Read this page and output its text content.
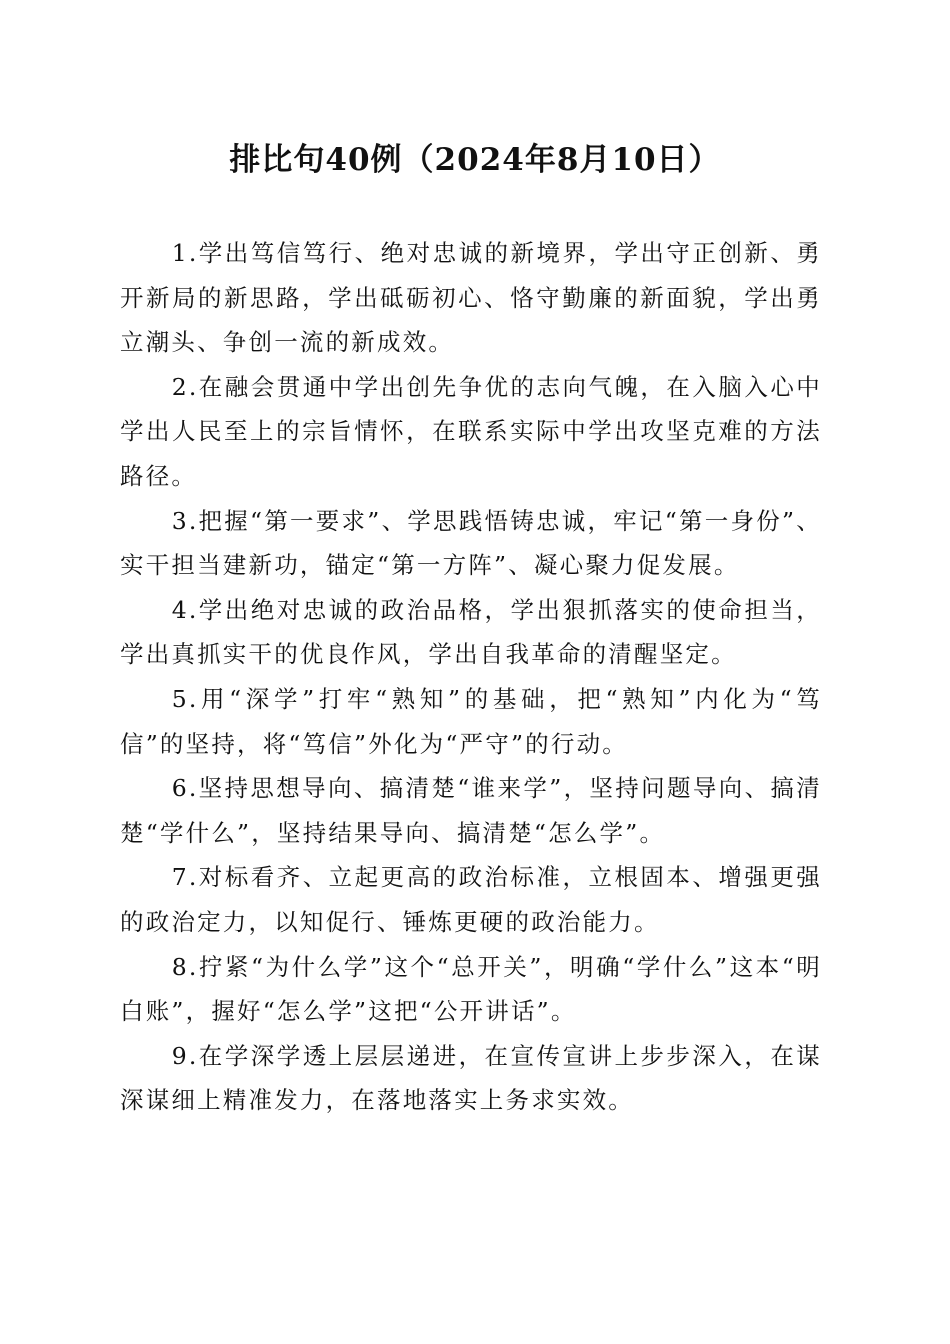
排比句40例（2024年8月10日）

1.学出笃信笃行、绝对忠诚的新境界，学出守正创新、勇开新局的新思路，学出砥砺初心、恪守勤廉的新面貌，学出勇立潮头、争创一流的新成效。

2.在融会贯通中学出创先争优的志向气魄，在入脑入心中学出人民至上的宗旨情怀，在联系实际中学出攻坚克难的方法路径。

3.把握“第一要求”、学思践悟铸忠诚，牢记“第一身份”、实干担当建新功，锚定“第一方阵”、凝心聚力促发展。

4.学出绝对忠诚的政治品格，学出狠抓落实的使命担当，学出真抓实干的优良作风，学出自我革命的清醒坚定。

5.用“深学”打牢“熟知”的基础，把“熟知”内化为“笃信”的坚持，将“笃信”外化为“严守”的行动。

6.坚持思想导向、搞清楚“谁来学”，坚持问题导向、搞清楚“学什么”，坚持结果导向、搞清楚“怎么学”。

7.对标看齐、立起更高的政治标准，立根固本、增强更强的政治定力，以知促行、锤炼更硬的政治能力。

8.拧紧“为什么学”这个“总开关”，明确“学什么”这本“明白账”，握好“怎么学”这把“公开讲话”。

9.在学深学透上层层递进，在宣传宣讲上步步深入，在谋深谋细上精准发力，在落地落实上务求实效。
